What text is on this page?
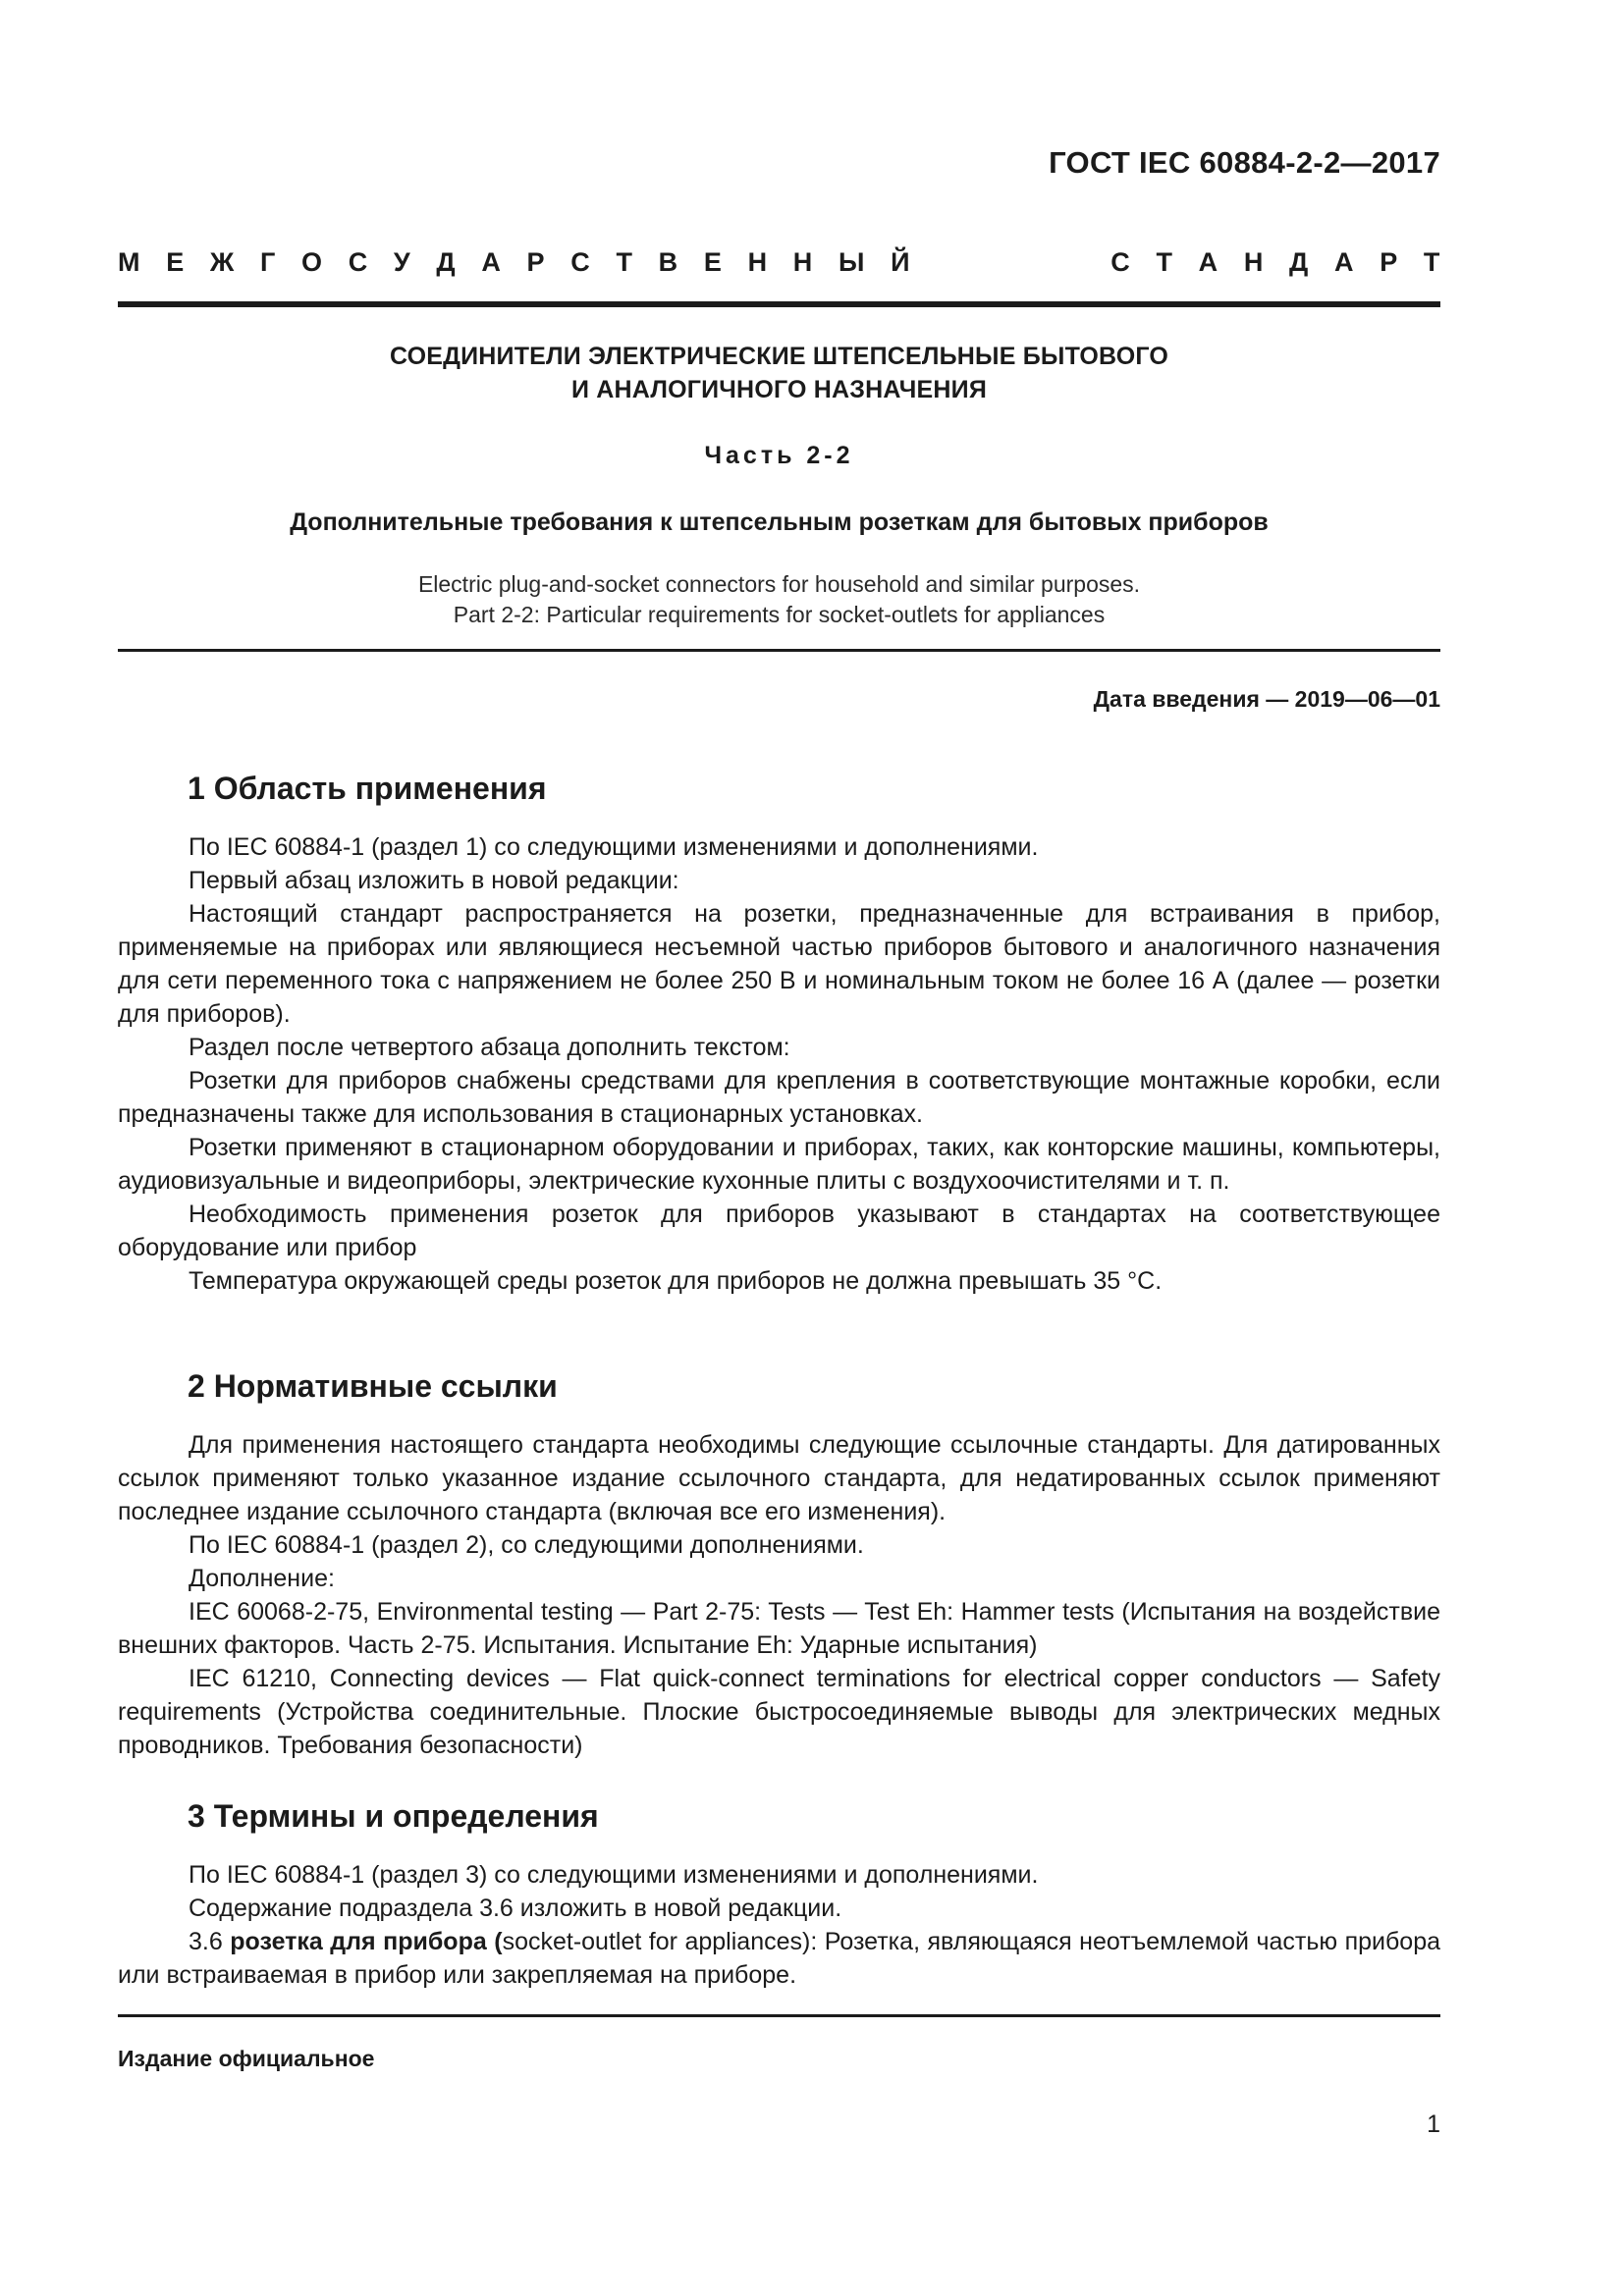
ГОСТ IEC 60884-2-2—2017
М Е Ж Г О С У Д А Р С Т В Е Н Н Ы Й	С Т А Н Д А Р Т
СОЕДИНИТЕЛИ ЭЛЕКТРИЧЕСКИЕ ШТЕПСЕЛЬНЫЕ БЫТОВОГО
И АНАЛОГИЧНОГО НАЗНАЧЕНИЯ
Часть 2-2
Дополнительные требования к штепсельным розеткам для бытовых приборов
Electric plug-and-socket connectors for household and similar purposes.
Part 2-2: Particular requirements for socket-outlets for appliances
Дата введения — 2019—06—01
1 Область применения

По IEC 60884-1 (раздел 1) со следующими изменениями и дополнениями.

Первый абзац изложить в новой редакции:

Настоящий стандарт распространяется на розетки, предназначенные для встраивания в прибор, применяемые на приборах или являющиеся несъемной частью приборов бытового и аналогичного назначения для сети переменного тока с напряжением не более 250 В и номинальным током не более 16 А (далее — розетки для приборов).

Раздел после четвертого абзаца дополнить текстом:

Розетки для приборов снабжены средствами для крепления в соответствующие монтажные коробки, если предназначены также для использования в стационарных установках.

Розетки применяют в стационарном оборудовании и приборах, таких, как конторские машины, компьютеры, аудиовизуальные и видеоприборы, электрические кухонные плиты с воздухоочистителями и т. п.

Необходимость применения розеток для приборов указывают в стандартах на соответствующее оборудование или прибор

Температура окружающей среды розеток для приборов не должна превышать 35 °С.

2 Нормативные ссылки

Для применения настоящего стандарта необходимы следующие ссылочные стандарты. Для датированных ссылок применяют только указанное издание ссылочного стандарта, для недатированных ссылок применяют последнее издание ссылочного стандарта (включая все его изменения).

По IEC 60884-1 (раздел 2), со следующими дополнениями.

Дополнение:

IEC 60068-2-75, Environmental testing — Part 2-75: Tests — Test Eh: Hammer tests (Испытания на воздействие внешних факторов. Часть 2-75. Испытания. Испытание Eh: Ударные испытания)

IEC 61210, Connecting devices — Flat quick-connect terminations for electrical copper conductors — Safety requirements (Устройства соединительные. Плоские быстросоединяемые выводы для электрических медных проводников. Требования безопасности)

3 Термины и определения

По IEC 60884-1 (раздел 3) со следующими изменениями и дополнениями.

Содержание подраздела 3.6 изложить в новой редакции.

3.6 розетка для прибора (socket-outlet for appliances): Розетка, являющаяся неотъемлемой частью прибора или встраиваемая в прибор или закрепляемая на приборе.

Издание официальное
1
